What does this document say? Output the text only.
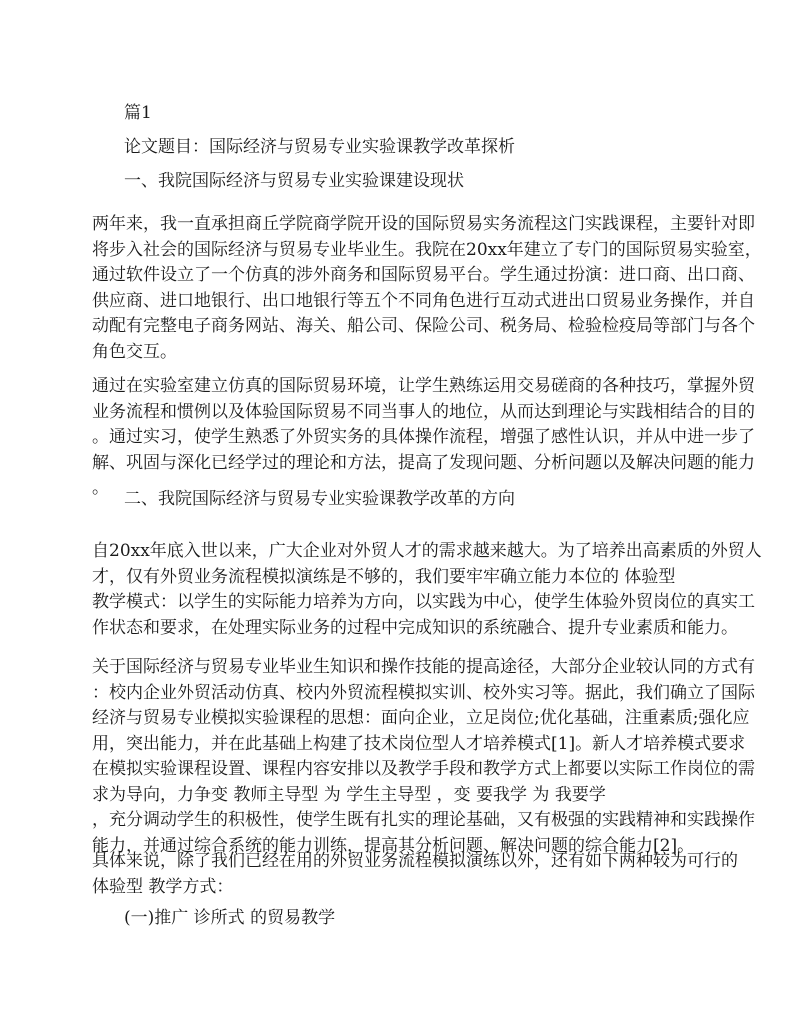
篇1

论文题目：国际经济与贸易专业实验课教学改革探析

一、我院国际经济与贸易专业实验课建设现状

两年来，我一直承担商丘学院商学院开设的国际贸易实务流程这门实践课程，主要针对即
将步入社会的国际经济与贸易专业毕业生。我院在20xx年建立了专门的国际贸易实验室，
通过软件设立了一个仿真的涉外商务和国际贸易平台。学生通过扮演：进口商、出口商、
供应商、进口地银行、出口地银行等五个不同角色进行互动式进出口贸易业务操作，并自
动配有完整电子商务网站、海关、船公司、保险公司、税务局、检验检疫局等部门与各个
角色交互。
通过在实验室建立仿真的国际贸易环境，让学生熟练运用交易磋商的各种技巧，掌握外贸
业务流程和惯例以及体验国际贸易不同当事人的地位，从而达到理论与实践相结合的目的
。通过实习，使学生熟悉了外贸实务的具体操作流程，增强了感性认识，并从中进一步了
解、巩固与深化已经学过的理论和方法，提高了发现问题、分析问题以及解决问题的能力
。

二、我院国际经济与贸易专业实验课教学改革的方向

自20xx年底入世以来，广大企业对外贸人才的需求越来越大。为了培养出高素质的外贸人
才，仅有外贸业务流程模拟演练是不够的，我们要牢牢确立能力本位的 体验型
教学模式：以学生的实际能力培养为方向，以实践为中心，使学生体验外贸岗位的真实工
作状态和要求，在处理实际业务的过程中完成知识的系统融合、提升专业素质和能力。
关于国际经济与贸易专业毕业生知识和操作技能的提高途径，大部分企业较认同的方式有
：校内企业外贸活动仿真、校内外贸流程模拟实训、校外实习等。据此，我们确立了国际
经济与贸易专业模拟实验课程的思想：面向企业，立足岗位;优化基础，注重素质;强化应
用，突出能力，并在此基础上构建了技术岗位型人才培养模式[1]。新人才培养模式要求
在模拟实验课程设置、课程内容安排以及教学手段和教学方式上都要以实际工作岗位的需
求为导向，力争变 教师主导型 为 学生主导型 ，变 要我学 为 我要学
，充分调动学生的积极性，使学生既有扎实的理论基础，又有极强的实践精神和实践操作
能力，并通过综合系统的能力训练，提高其分析问题、解决问题的综合能力[2]。
具体来说，除了我们已经在用的外贸业务流程模拟演练以外，还有如下两种较为可行的
体验型 教学方式：

(一)推广 诊所式 的贸易教学
